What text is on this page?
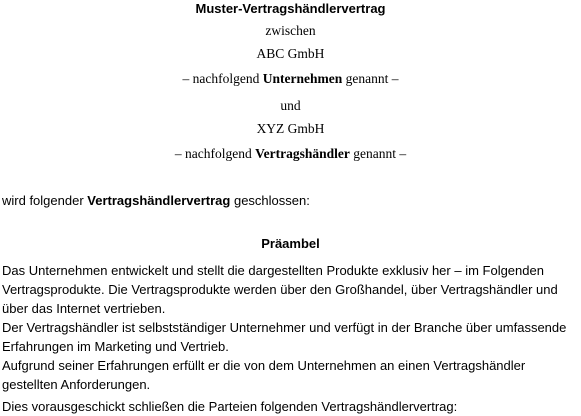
Muster-Vertragshändlervertrag
zwischen
ABC GmbH
– nachfolgend Unternehmen genannt –
und
XYZ GmbH
– nachfolgend Vertragshändler genannt –
wird folgender Vertragshändlervertrag geschlossen:
Präambel
Das Unternehmen entwickelt und stellt die dargestellten Produkte exklusiv her – im Folgenden
Vertragsprodukte. Die Vertragsprodukte werden über den Großhandel, über Vertragshändler und
über das Internet vertrieben.
Der Vertragshändler ist selbstständiger Unternehmer und verfügt in der Branche über umfassende
Erfahrungen im Marketing und Vertrieb.
Aufgrund seiner Erfahrungen erfüllt er die von dem Unternehmen an einen Vertragshändler
gestellten Anforderungen.
Dies vorausgeschickt schließen die Parteien folgenden Vertragshändlervertrag:
